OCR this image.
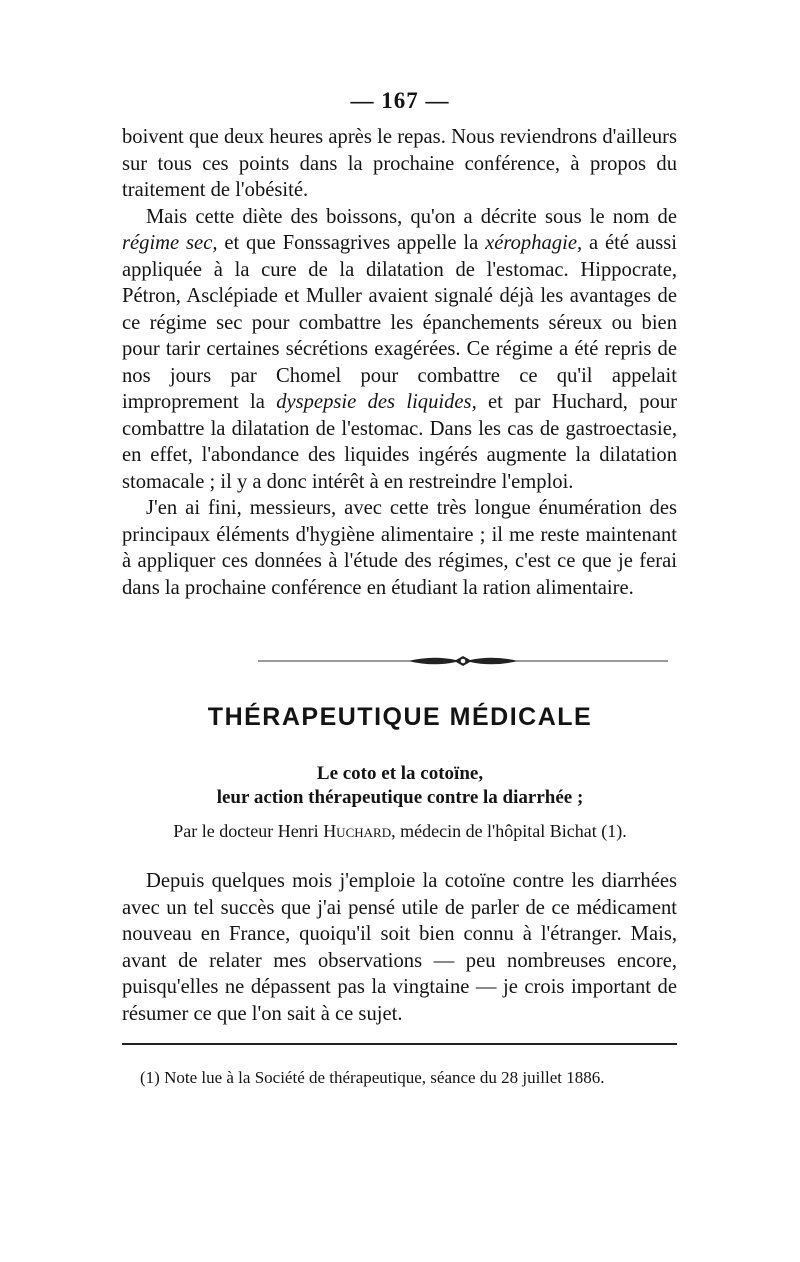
— 167 —

boivent que deux heures après le repas. Nous reviendrons d'ailleurs sur tous ces points dans la prochaine conférence, à propos du traitement de l'obésité.

Mais cette diète des boissons, qu'on a décrite sous le nom de régime sec, et que Fonssagrives appelle la xérophagie, a été aussi appliquée à la cure de la dilatation de l'estomac. Hippocrate, Pétron, Asclépiade et Muller avaient signalé déjà les avantages de ce régime sec pour combattre les épanchements séreux ou bien pour tarir certaines sécrétions exagérées. Ce régime a été repris de nos jours par Chomel pour combattre ce qu'il appelait improprement la dyspepsie des liquides, et par Huchard, pour combattre la dilatation de l'estomac. Dans les cas de gastroectasie, en effet, l'abondance des liquides ingérés augmente la dilatation stomacale ; il y a donc intérêt à en restreindre l'emploi.

J'en ai fini, messieurs, avec cette très longue énumération des principaux éléments d'hygiène alimentaire ; il me reste maintenant à appliquer ces données à l'étude des régimes, c'est ce que je ferai dans la prochaine conférence en étudiant la ration alimentaire.

THÉRAPEUTIQUE MÉDICALE
Le coto et la cotoïne,
leur action thérapeutique contre la diarrhée ;
Par le docteur Henri Huchard, médecin de l'hôpital Bichat (1).

Depuis quelques mois j'emploie la cotoïne contre les diarrhées avec un tel succès que j'ai pensé utile de parler de ce médicament nouveau en France, quoiqu'il soit bien connu à l'étranger. Mais, avant de relater mes observations — peu nombreuses encore, puisqu'elles ne dépassent pas la vingtaine — je crois important de résumer ce que l'on sait à ce sujet.

(1) Note lue à la Société de thérapeutique, séance du 28 juillet 1886.
